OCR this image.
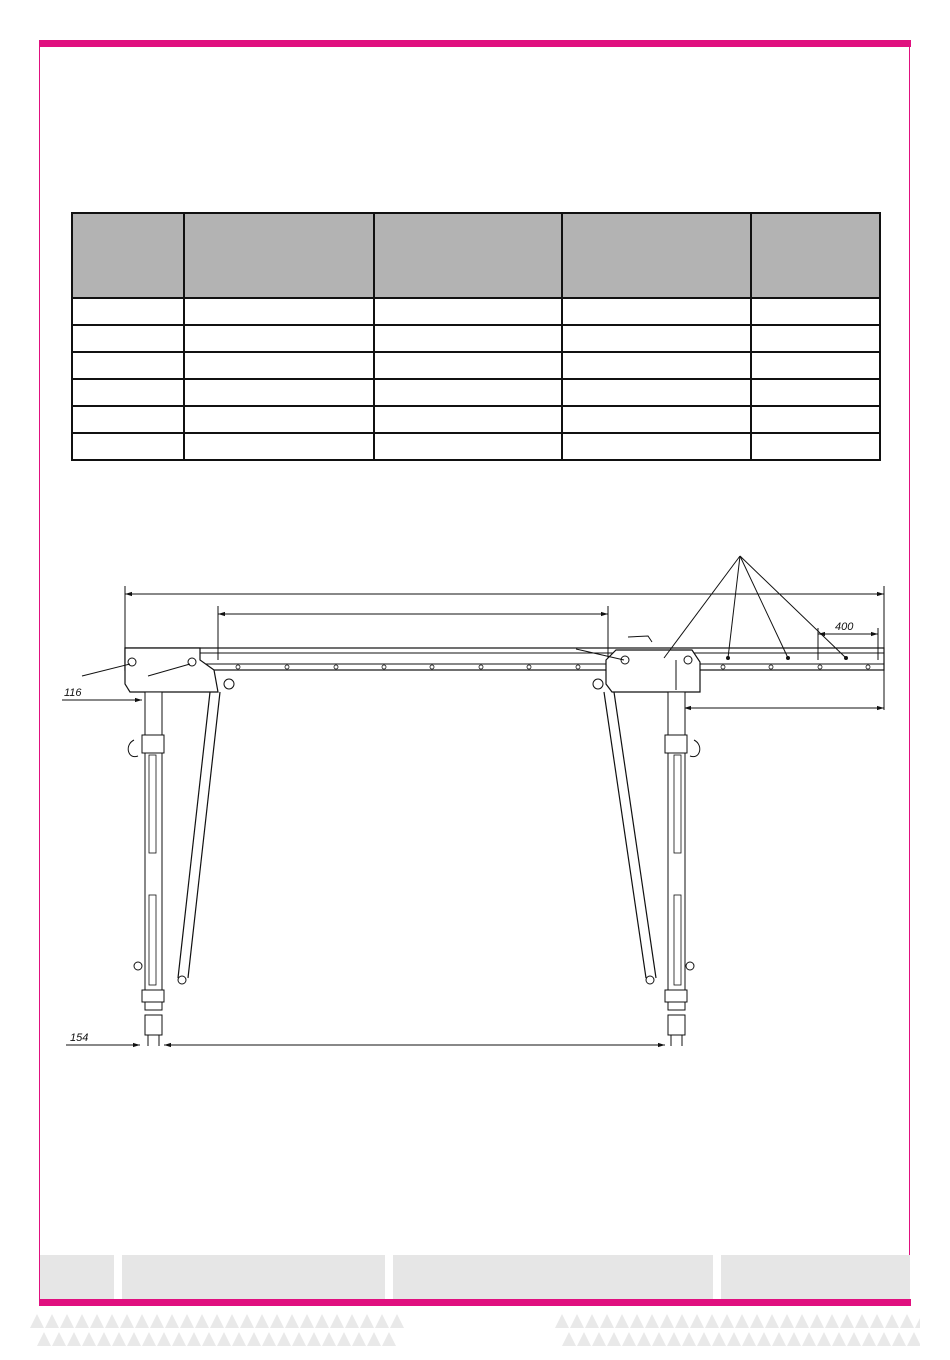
400
116
154
